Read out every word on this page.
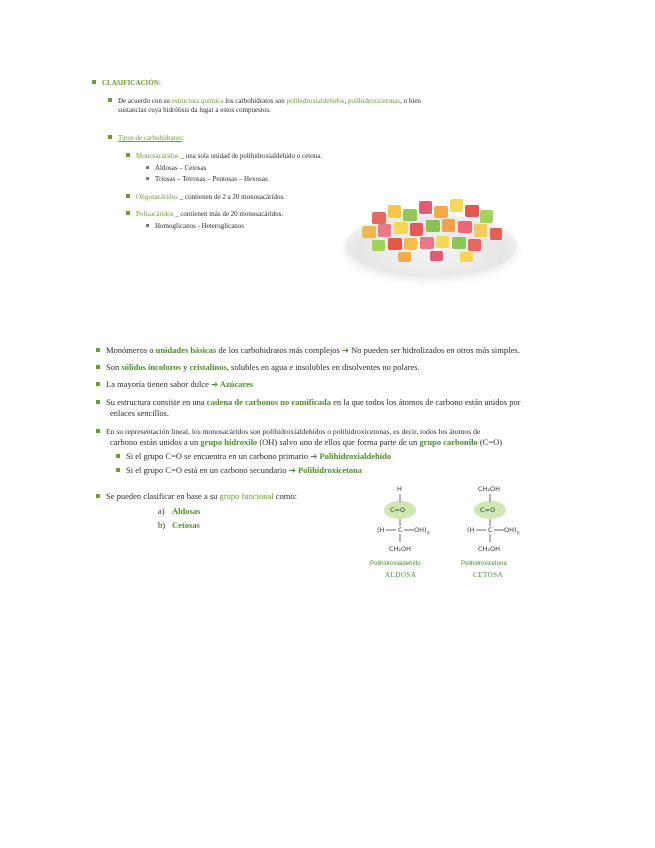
CLASIFICACIÓN:
De acuerdo con su estructura química los carbohidratos son polihidroxialdehídos, polihidroxicetonas, o bien
sustancias cuya hidrólisis da lugar a estos compuestos.
Tipos de carbohidratos:
Monosacáridos _ una sola unidad de polihidroxialdehído o cetona.
Aldosas – Cetosas
Triosas – Tetrosas – Pentosas – Hexosas
Oligosacáridos _ contienen de 2 a 20 monosacáridos.
Polisacáridos _ contienen más de 20 monosacáridos.
Homoglicanos - Heteroglicanos
Monómeros o unidades básicas de los carbohidratos más complejos ➔ No pueden ser hidrolizados en otros más simples.
Son sólidos incoloros y cristalinos, solubles en agua e insolubles en disolventes no polares.
La mayoría tienen sabor dulce ➔ Azúcares
Su estructura consiste en una cadena de carbonos no ramificada en la que todos los átomos de carbono están unidos por
enlaces sencillos.
En su representación lineal, los monosacáridos son polihidroxialdehídos o polihidroxicetonas, es decir, todos los átomos de
carbono están unidos a un grupo hidroxilo (OH) salvo uno de ellos que forma parte de un grupo carbonilo (C=O)
Si el grupo C=O se encuentra en un carbono primario ➔ Polihidroxialdehído
Si el grupo C=O está en un carbono secundario ➔ Polihidroxicetona
Se pueden clasificar en base a su grupo funcional como:
a) Aldosas
b) Cetosas
H
C=O
(H C $OH)_n$
CH₂OH
Polihidroxialdehído
ALDOSA
CH₂OH
C=O
(H C $OH)_n$
CH₂OH
Polihidroxicetona
CETOSA
